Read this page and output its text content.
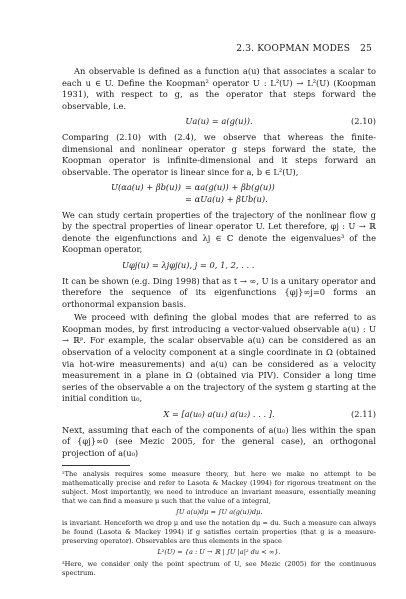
2.3. KOOPMAN MODES 25

An observable is defined as a function a(u) that associates a scalar to each u ∈ U. Define the Koopman² operator U : L²(U) → L²(U) (Koopman 1931), with respect to g, as the operator that steps forward the observable, i.e.

Ua(u) = a(g(u)).	(2.10)

Comparing (2.10) with (2.4), we observe that whereas the finite-dimensional and nonlinear operator g steps forward the state, the Koopman operator is infinite-dimensional and it steps forward an observable. The operator is linear since for a, b ∈ L²(U),

U(αa(u) + βb(u)) = αa(g(u)) + βb(g(u))
= αUa(u) + βUb(u).

We can study certain properties of the trajectory of the nonlinear flow g by the spectral properties of linear operator U. Let therefore, φj : U → ℝ denote the eigenfunctions and λj ∈ ℂ denote the eigenvalues³ of the Koopman operator,

Uφj(u) = λjφj(u), j = 0, 1, 2, . . .

It can be shown (e.g. Ding 1998) that as t → ∞, U is a unitary operator and therefore the sequence of its eigenfunctions {φj}∞j=0 forms an orthonormal expansion basis.

We proceed with defining the global modes that are referred to as Koopman modes, by first introducing a vector-valued observable a(u) : U → ℝᵖ. For example, the scalar observable a(u) can be considered as an observation of a velocity component at a single coordinate in Ω (obtained via hot-wire measurements) and a(u) can be considered as a velocity measurement in a plane in Ω (obtained via PIV). Consider a long time series of the observable a on the trajectory of the system g starting at the initial condition u₀,

X = [a(u₀) a(u₁) a(u₂) . . . ].	(2.11)

Next, assuming that each of the components of a(u₀) lies within the span of {φj}∞0 (see Mezic 2005, for the general case), an orthogonal projection of a(u₀)

²The analysis requires some measure theory, but here we make no attempt to be mathematically precise and refer to Lasota & Mackey (1994) for rigorous treatment on the subject. Most importantly, we need to introduce an invariant measure, essentially meaning that we can find a measure μ such that the value of a integral,

∫U a(u)dμ = ∫U a(g(u))dμ.

is invariant. Henceforth we drop μ and use the notation dμ = du. Such a measure can always be found (Lasota & Mackey 1994) if g satisfies certain properties (that g is a measure-preserving operator). Observables are thus elements in the space

L²(U) = {a : U → ℝ | ∫U |a|² du < ∞}.

³Here, we consider only the point spectrum of U, see Mezic (2005) for the continuous spectrum.
